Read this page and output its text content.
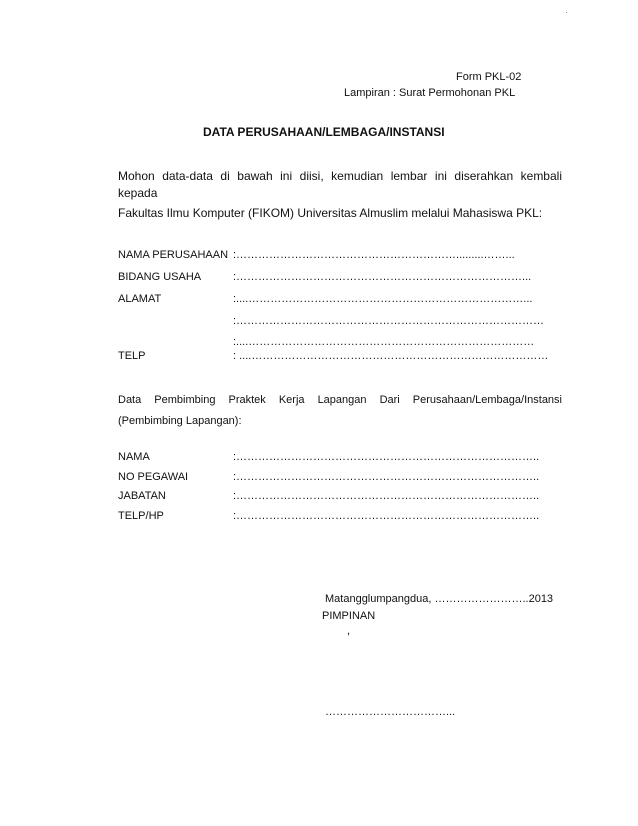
Form PKL-02
Lampiran : Surat Permohonan PKL
DATA PERUSAHAAN/LEMBAGA/INSTANSI
Mohon data-data di bawah ini diisi, kemudian lembar ini diserahkan kembali kepada
Fakultas Ilmu Komputer (FIKOM) Universitas Almuslim melalui Mahasiswa PKL:
NAMA PERUSAHAAN :…………………………………………………….........……...
BIDANG USAHA	:……………………………………………………………………...
ALAMAT	:....…………………………………………………………………...
:…………………………………………………………………………
:....……………………………………………………………………
TELP	: ....………………………………………………………………………
Data Pembimbing Praktek Kerja Lapangan Dari Perusahaan/Lembaga/Instansi
(Pembimbing Lapangan):
NAMA	:………………………………………………………………………..
NO PEGAWAI	:………………………………………………………………………..
JABATAN	:………………………………………………………………………..
TELP/HP	:………………………………………………………………………..
Matangglumpangdua, ……………………..2013
PIMPINAN
,
……………………………...
